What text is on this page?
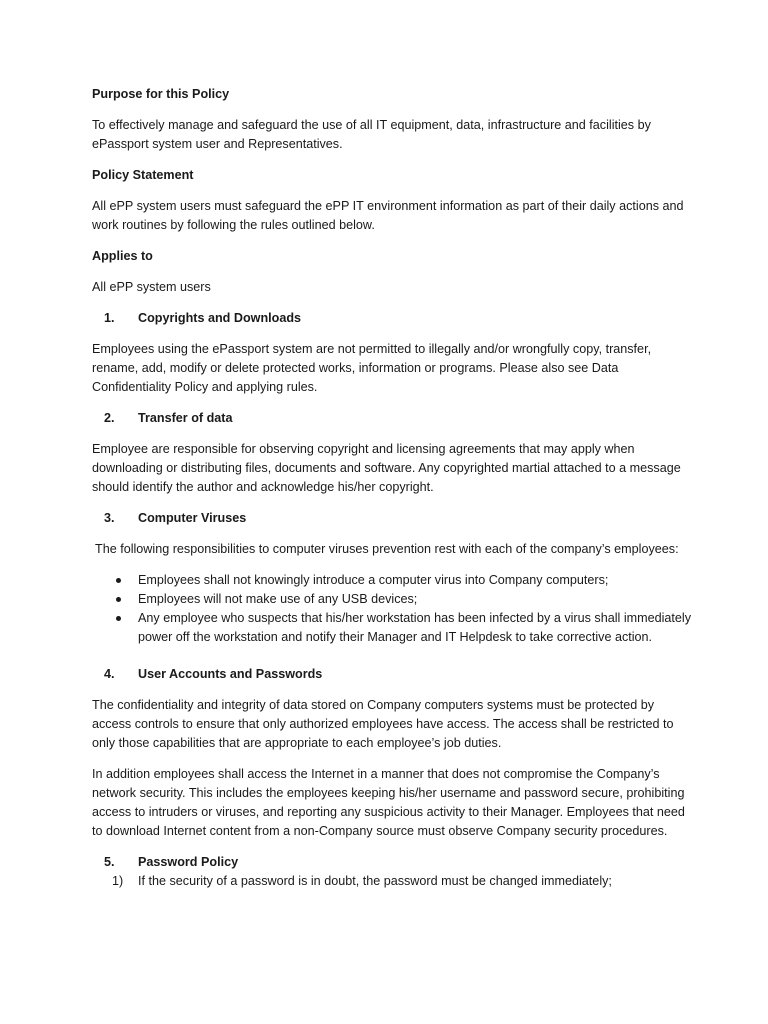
Purpose for this Policy

To effectively manage and safeguard the use of all IT equipment, data, infrastructure and facilities by ePassport system user and Representatives.

Policy Statement

All ePP system users must safeguard the ePP IT environment information as part of their daily actions and work routines by following the rules outlined below.

Applies to

All ePP system users

1.	Copyrights and Downloads

Employees using the ePassport system are not permitted to illegally and/or wrongfully copy, transfer, rename, add, modify or delete protected works, information or programs. Please also see Data Confidentiality Policy and applying rules.

2.	Transfer of data

Employee are responsible for observing copyright and licensing agreements that may apply when downloading or distributing files, documents and software. Any copyrighted martial attached to a message should identify the author and acknowledge his/her copyright.

3.	Computer Viruses

The following responsibilities to computer viruses prevention rest with each of the company’s employees:

Employees shall not knowingly introduce a computer virus into Company computers;
Employees will not make use of any USB devices;
Any employee who suspects that his/her workstation has been infected by a virus shall immediately power off the workstation and notify their Manager and IT Helpdesk to take corrective action.
4.	User Accounts and Passwords

The confidentiality and integrity of data stored on Company computers systems must be protected by access controls to ensure that only authorized employees have access. The access shall be restricted to only those capabilities that are appropriate to each employee’s job duties.

In addition employees shall access the Internet in a manner that does not compromise the Company’s network security. This includes the employees keeping his/her username and password secure, prohibiting access to intruders or viruses, and reporting any suspicious activity to their Manager. Employees that need to download Internet content from a non-Company source must observe Company security procedures.

5.	Password Policy
1)	If the security of a password is in doubt, the password must be changed immediately;
